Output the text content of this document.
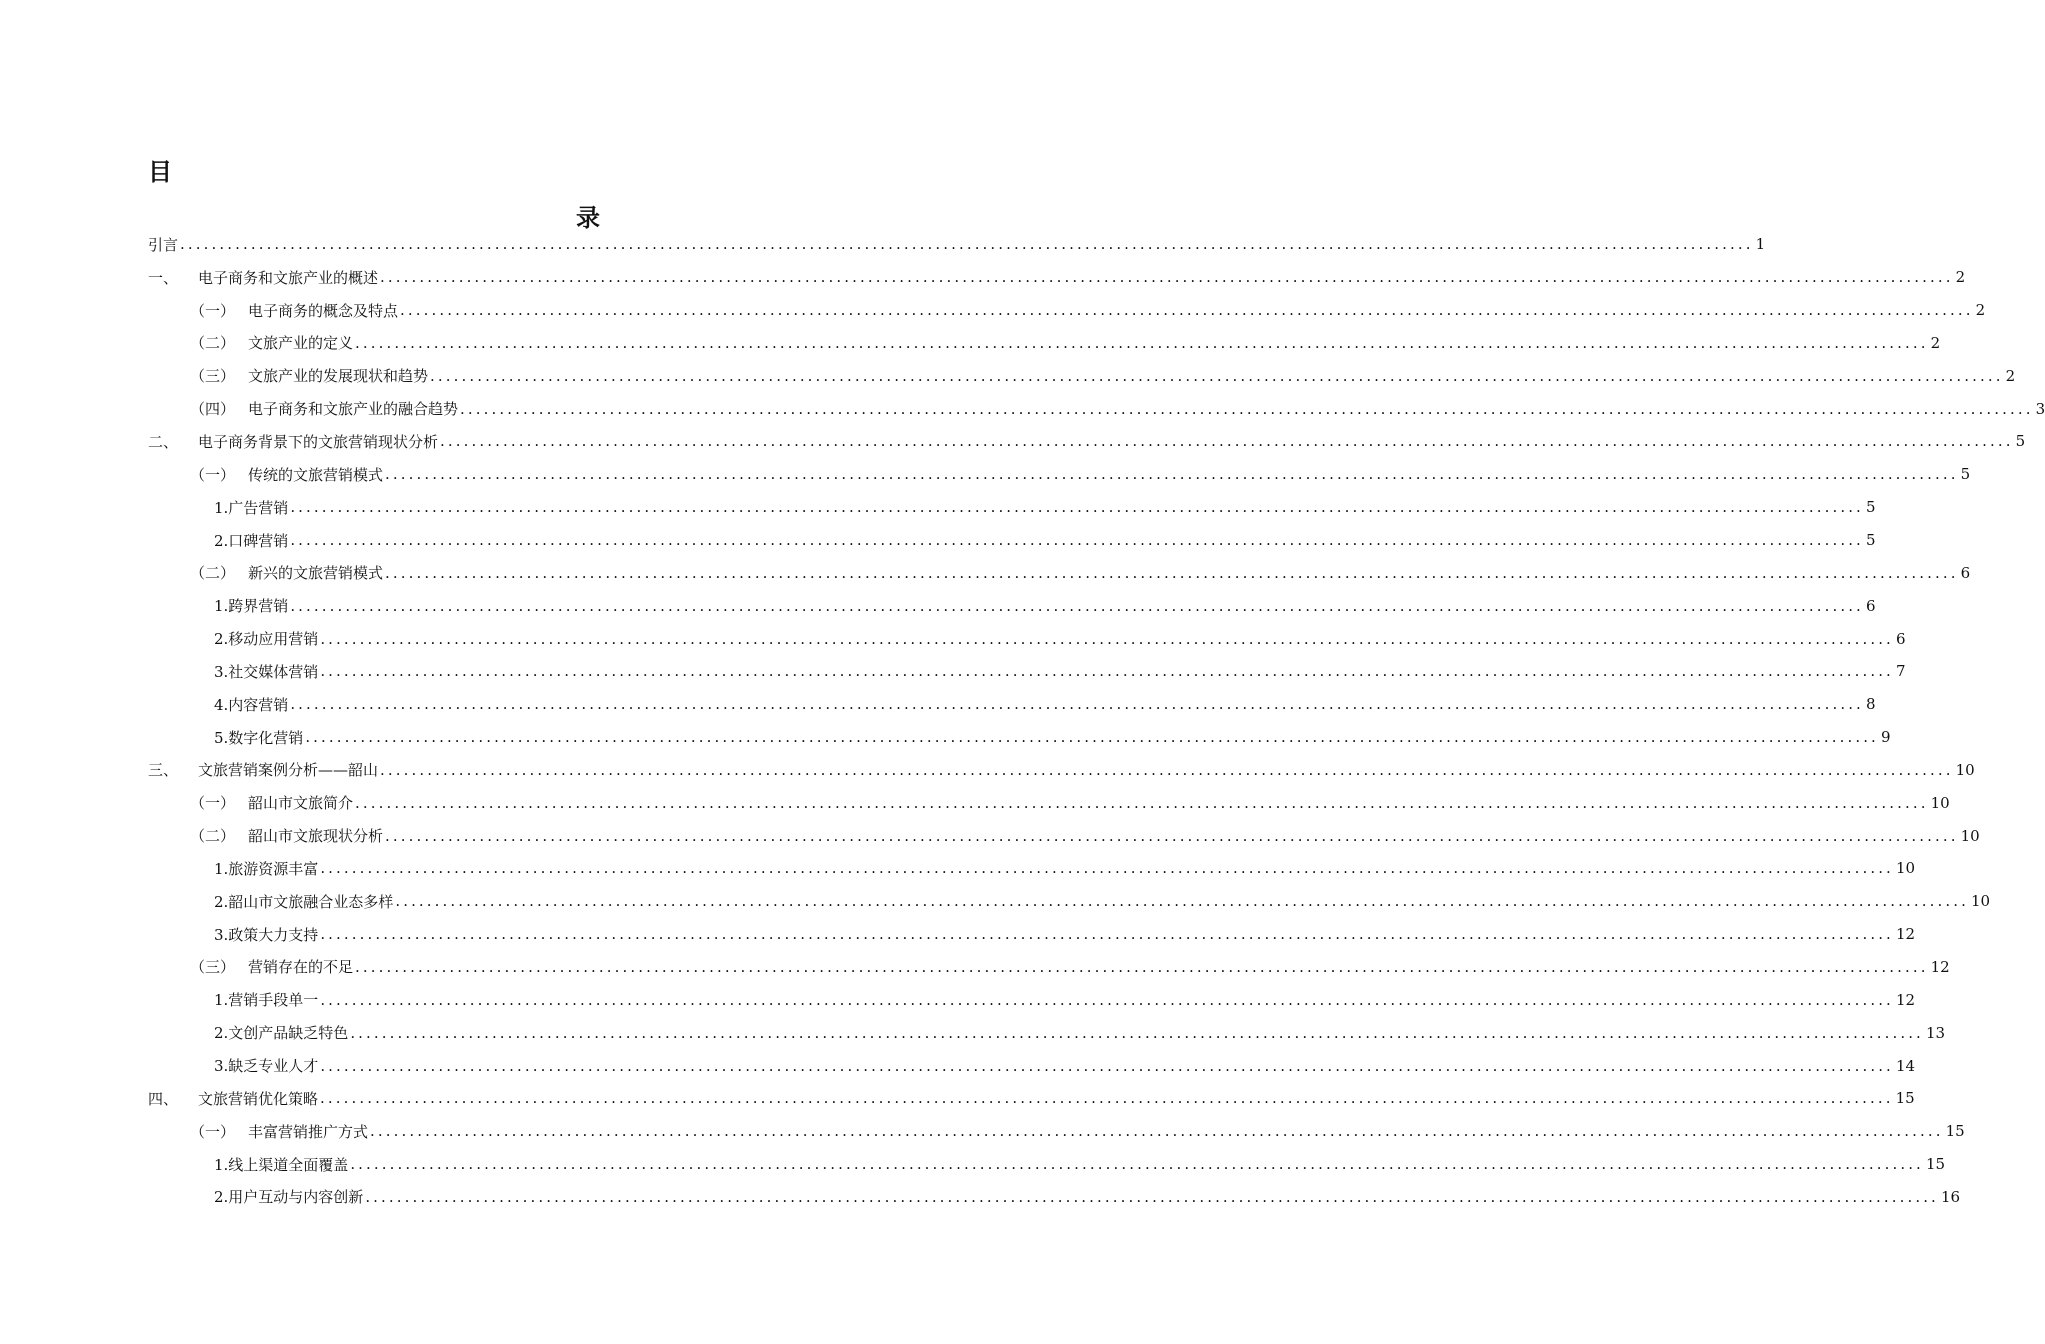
目
录
引言 ........................................................................................................................................................................................................ 1
一、 电子商务和文旅产业的概述 ........................................................................................................................................................................................................ 2
（一） 电子商务的概念及特点 ........................................................................................................................................................................................................ 2
（二） 文旅产业的定义 ........................................................................................................................................................................................................ 2
（三） 文旅产业的发展现状和趋势 ........................................................................................................................................................................................................ 2
（四） 电子商务和文旅产业的融合趋势 ........................................................................................................................................................................................................ 3
二、 电子商务背景下的文旅营销现状分析 ........................................................................................................................................................................................................ 5
（一） 传统的文旅营销模式 ........................................................................................................................................................................................................ 5
1.广告营销 ........................................................................................................................................................................................................ 5
2.口碑营销 ........................................................................................................................................................................................................ 5
（二） 新兴的文旅营销模式 ........................................................................................................................................................................................................ 6
1.跨界营销 ........................................................................................................................................................................................................ 6
2.移动应用营销 ........................................................................................................................................................................................................ 6
3.社交媒体营销 ........................................................................................................................................................................................................ 7
4.内容营销 ........................................................................................................................................................................................................ 8
5.数字化营销 ........................................................................................................................................................................................................ 9
三、 文旅营销案例分析——韶山 ........................................................................................................................................................................................................ 10
（一） 韶山市文旅简介 ........................................................................................................................................................................................................ 10
（二） 韶山市文旅现状分析 ........................................................................................................................................................................................................ 10
1.旅游资源丰富 ........................................................................................................................................................................................................ 10
2.韶山市文旅融合业态多样 ........................................................................................................................................................................................................ 10
3.政策大力支持 ........................................................................................................................................................................................................ 12
（三） 营销存在的不足 ........................................................................................................................................................................................................ 12
1.营销手段单一 ........................................................................................................................................................................................................ 12
2.文创产品缺乏特色 ........................................................................................................................................................................................................ 13
3.缺乏专业人才 ........................................................................................................................................................................................................ 14
四、 文旅营销优化策略 ........................................................................................................................................................................................................ 15
（一） 丰富营销推广方式 ........................................................................................................................................................................................................ 15
1.线上渠道全面覆盖 ........................................................................................................................................................................................................ 15
2.用户互动与内容创新 ........................................................................................................................................................................................................ 16
